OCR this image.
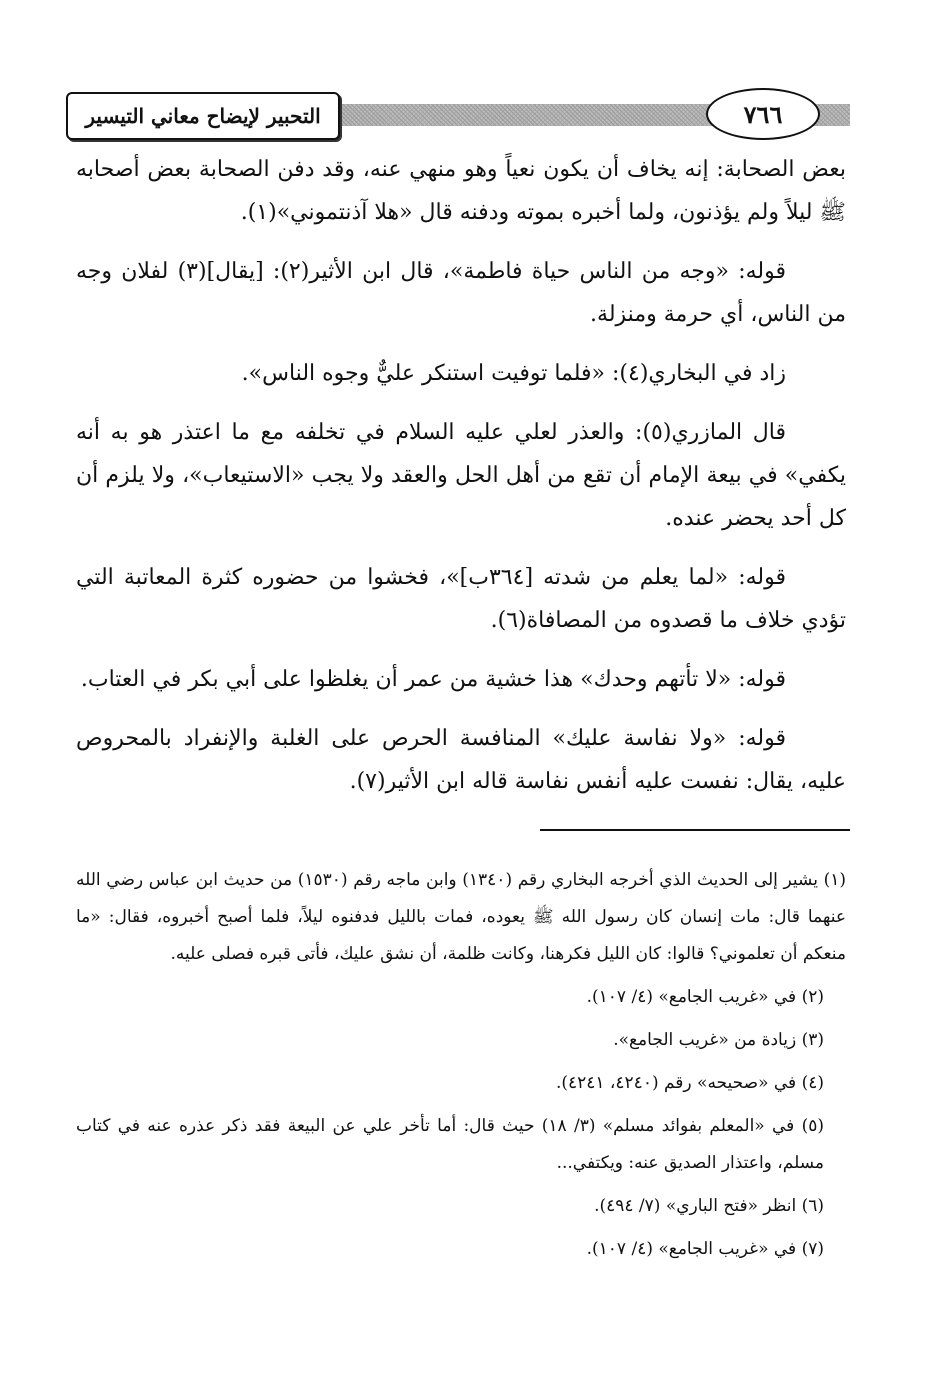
التحبير لإيضاح معاني التيسير	٧٦٦

بعض الصحابة: إنه يخاف أن يكون نعياً وهو منهي عنه، وقد دفن الصحابة بعض أصحابه ﷺ ليلاً ولم يؤذنون، ولما أخبره بموته ودفنه قال «هلا آذنتموني»(١).

قوله: «وجه من الناس حياة فاطمة»، قال ابن الأثير(٢): [يقال](٣) لفلان وجه من الناس، أي حرمة ومنزلة.

زاد في البخاري(٤): «فلما توفيت استنكر عليٌّ وجوه الناس».

قال المازري(٥): والعذر لعلي عليه السلام في تخلفه مع ما اعتذر هو به أنه يكفي» في بيعة الإمام أن تقع من أهل الحل والعقد ولا يجب «الاستيعاب»، ولا يلزم أن كل أحد يحضر عنده.

قوله: «لما يعلم من شدته [٣٦٤ب]»، فخشوا من حضوره كثرة المعاتبة التي تؤدي خلاف ما قصدوه من المصافاة(٦).

قوله: «لا تأتهم وحدك» هذا خشية من عمر أن يغلظوا على أبي بكر في العتاب.

قوله: «ولا نفاسة عليك» المنافسة الحرص على الغلبة والإنفراد بالمحروص عليه، يقال: نفست عليه أنفس نفاسة قاله ابن الأثير(٧).

(١) يشير إلى الحديث الذي أخرجه البخاري رقم (١٣٤٠) وابن ماجه رقم (١٥٣٠) من حديث ابن عباس رضي الله عنهما قال: مات إنسان كان رسول الله ﷺ يعوده، فمات بالليل فدفنوه ليلاً، فلما أصبح أخبروه، فقال: «ما منعكم أن تعلموني؟ قالوا: كان الليل فكرهنا، وكانت ظلمة، أن نشق عليك، فأتى قبره فصلى عليه.

(٢) في «غريب الجامع» (٤/ ١٠٧).

(٣) زيادة من «غريب الجامع».

(٤) في «صحيحه» رقم (٤٢٤٠، ٤٢٤١).

(٥) في «المعلم بفوائد مسلم» (٣/ ١٨) حيث قال: أما تأخر علي عن البيعة فقد ذكر عذره عنه في كتاب مسلم، واعتذار الصديق عنه: ويكتفي...

(٦) انظر «فتح الباري» (٧/ ٤٩٤).

(٧) في «غريب الجامع» (٤/ ١٠٧).
